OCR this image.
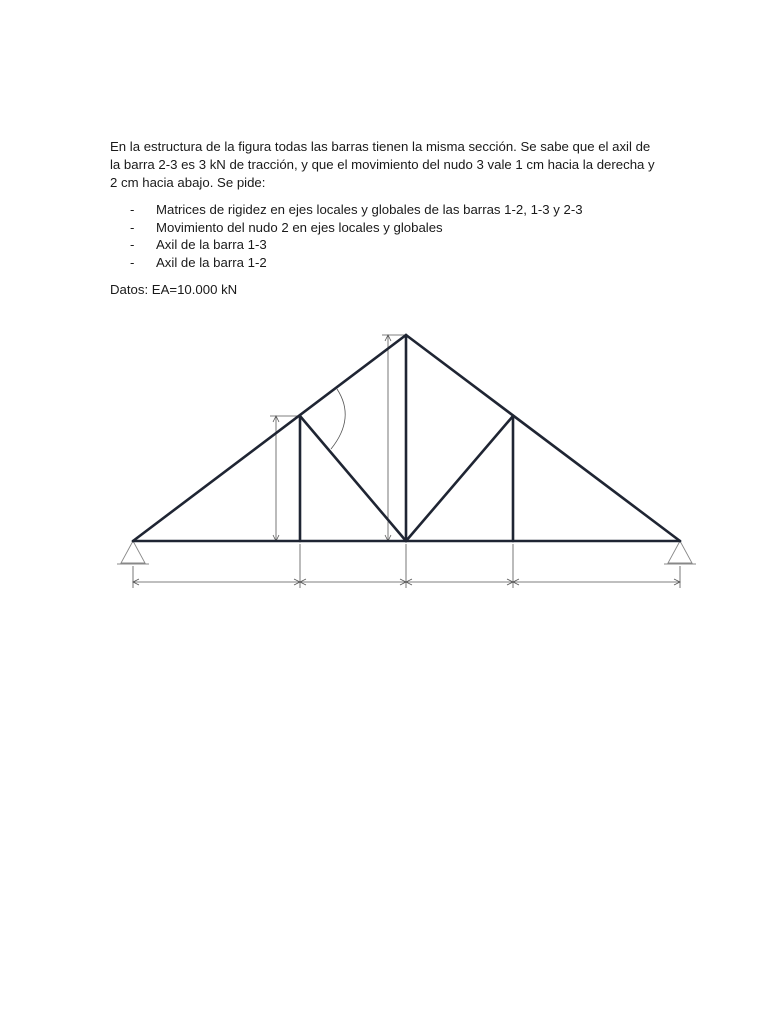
En la estructura de la figura todas las barras tienen la misma sección. Se sabe que el axil de la barra 2-3 es 3 kN de tracción, y que el movimiento del nudo 3 vale 1 cm hacia la derecha y 2 cm hacia abajo. Se pide:

- Matrices de rigidez en ejes locales y globales de las barras 1-2, 1-3 y 2-3
- Movimiento del nudo 2 en ejes locales y globales
- Axil de la barra 1-3
- Axil de la barra 1-2

Datos: EA=10.000 kN
